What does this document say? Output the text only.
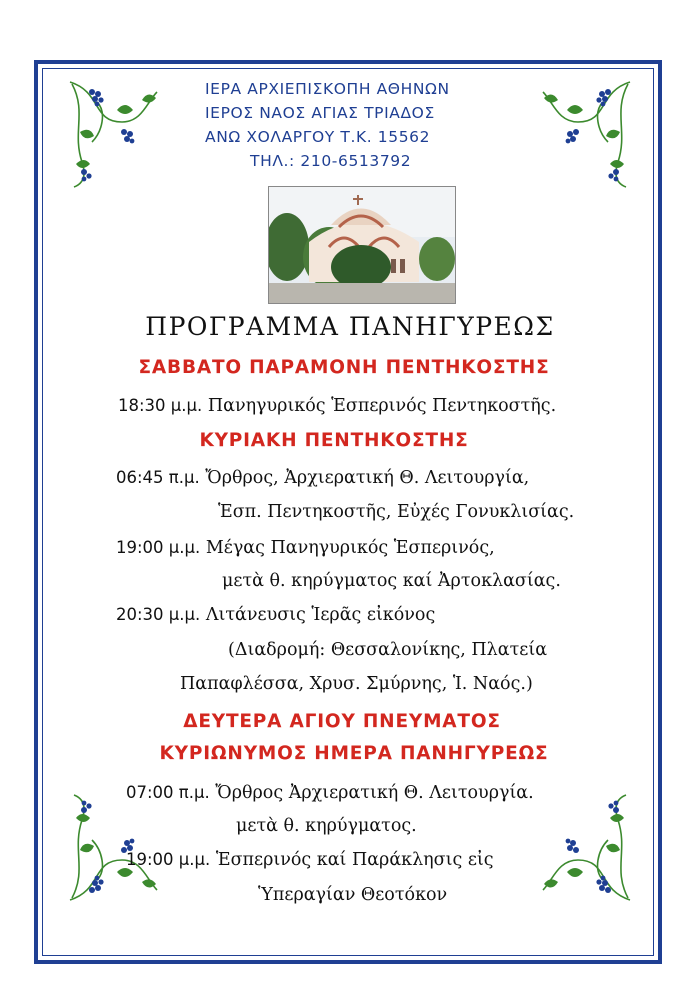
ΙΕΡΑ ΑΡΧΙΕΠΙΣΚΟΠΗ ΑΘΗΝΩΝ
ΙΕΡΟΣ ΝΑΟΣ ΑΓΙΑΣ ΤΡΙΑΔΟΣ
ΑΝΩ ΧΟΛΑΡΓΟΥ Τ.Κ. 15562
ΤΗΛ.: 210-6513792
ΠΡΟΓΡΑΜΜΑ ΠΑΝΗΓΥΡΕΩΣ
ΣΑΒΒΑΤΟ ΠΑΡΑΜΟΝΗ ΠΕΝΤΗΚΟΣΤΗΣ
18:30 μ.μ. Πανηγυρικός Ἑσπερινός Πεντηκοστῆς.
ΚΥΡΙΑΚΗ ΠΕΝΤΗΚΟΣΤΗΣ
06:45 π.μ. Ὄρθρος, Ἀρχιερατική Θ. Λειτουργία,
Ἑσπ. Πεντηκοστῆς, Εὐχές Γονυκλισίας.
19:00 μ.μ. Μέγας Πανηγυρικός Ἑσπερινός,
μετὰ θ. κηρύγματος καί Ἀρτοκλασίας.
20:30 μ.μ. Λιτάνευσις Ἱερᾶς εἰκόνος
(Διαδρομή: Θεσσαλονίκης, Πλατεία
Παπαφλέσσα, Χρυσ. Σμύρνης, Ἱ. Ναός.)
ΔΕΥΤΕΡΑ ΑΓΙΟΥ ΠΝΕΥΜΑΤΟΣ
ΚΥΡΙΩΝΥΜΟΣ ΗΜΕΡΑ ΠΑΝΗΓΥΡΕΩΣ
07:00 π.μ. Ὄρθρος Ἀρχιερατική Θ. Λειτουργία.
μετὰ θ. κηρύγματος.
19:00 μ.μ. Ἑσπερινός καί Παράκλησις εἰς
Ὑπεραγίαν Θεοτόκον
